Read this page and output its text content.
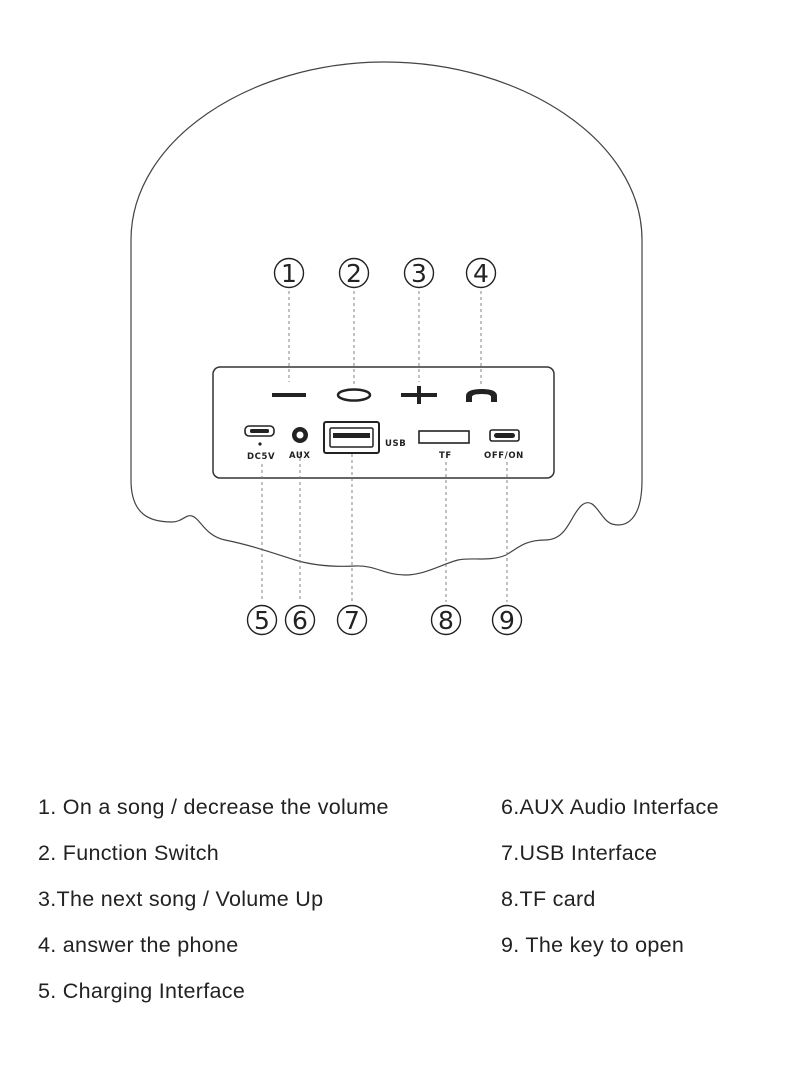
DC5V AUX
USB
TF	OFF/ON
1 2 3 4
5 6 7	8 9
1. On a song / decrease the volume
2. Function Switch
3.The next song / Volume Up
4. answer the phone
5. Charging Interface
6.AUX Audio Interface
7.USB Interface
8.TF card
9. The key to open
